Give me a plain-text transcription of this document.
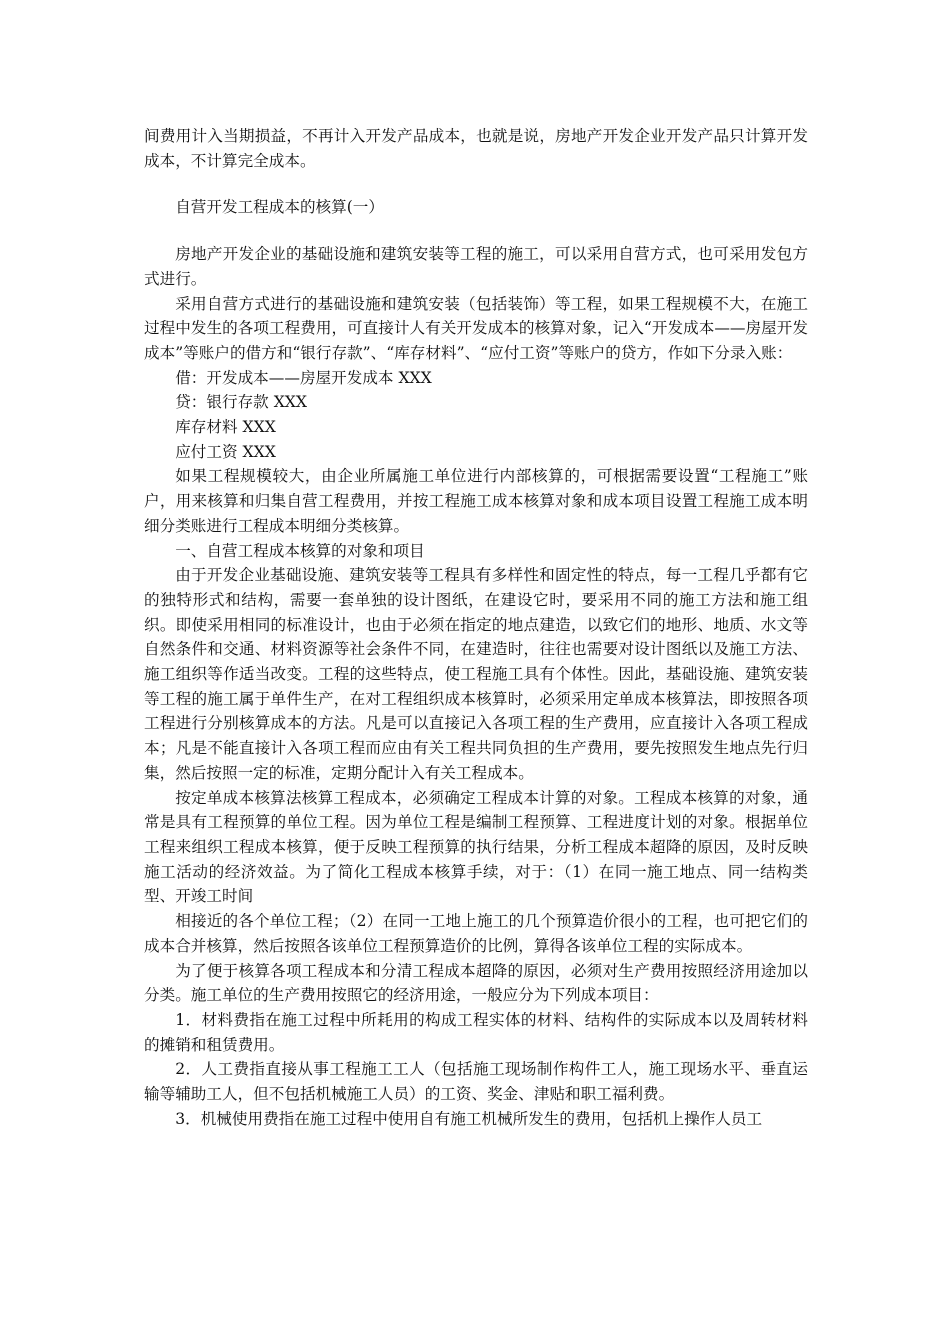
间费用计入当期损益，不再计入开发产品成本，也就是说，房地产开发企业开发产品只计算开发成本，不计算完全成本。

自营开发工程成本的核算(一）

房地产开发企业的基础设施和建筑安装等工程的施工，可以采用自营方式，也可采用发包方式进行。

采用自营方式进行的基础设施和建筑安装（包括装饰）等工程，如果工程规模不大，在施工过程中发生的各项工程费用，可直接计人有关开发成本的核算对象，记入“开发成本——房屋开发成本”等账户的借方和“银行存款”、“库存材料”、“应付工资”等账户的贷方，作如下分录入账：

借：开发成本——房屋开发成本 XXX

贷：银行存款 XXX

库存材料 XXX

应付工资 XXX

如果工程规模较大，由企业所属施工单位进行内部核算的，可根据需要设置“工程施工”账户，用来核算和归集自营工程费用，并按工程施工成本核算对象和成本项目设置工程施工成本明细分类账进行工程成本明细分类核算。

一、自营工程成本核算的对象和项目

由于开发企业基础设施、建筑安装等工程具有多样性和固定性的特点，每一工程几乎都有它的独特形式和结构，需要一套单独的设计图纸，在建设它时，要采用不同的施工方法和施工组织。即使采用相同的标准设计，也由于必须在指定的地点建造，以致它们的地形、地质、水文等自然条件和交通、材料资源等社会条件不同，在建造时，往往也需要对设计图纸以及施工方法、施工组织等作适当改变。工程的这些特点，使工程施工具有个体性。因此，基础设施、建筑安装等工程的施工属于单件生产，在对工程组织成本核算时，必须采用定单成本核算法，即按照各项工程进行分别核算成本的方法。凡是可以直接记入各项工程的生产费用，应直接计入各项工程成本；凡是不能直接计入各项工程而应由有关工程共同负担的生产费用，要先按照发生地点先行归集，然后按照一定的标准，定期分配计入有关工程成本。

按定单成本核算法核算工程成本，必须确定工程成本计算的对象。工程成本核算的对象，通常是具有工程预算的单位工程。因为单位工程是编制工程预算、工程进度计划的对象。根据单位工程来组织工程成本核算，便于反映工程预算的执行结果，分析工程成本超降的原因，及时反映施工活动的经济效益。为了简化工程成本核算手续，对于：（1）在同一施工地点、同一结构类型、开竣工时间

相接近的各个单位工程；（2）在同一工地上施工的几个预算造价很小的工程，也可把它们的成本合并核算，然后按照各该单位工程预算造价的比例，算得各该单位工程的实际成本。

为了便于核算各项工程成本和分清工程成本超降的原因，必须对生产费用按照经济用途加以分类。施工单位的生产费用按照它的经济用途，一般应分为下列成本项目：

1．材料费指在施工过程中所耗用的构成工程实体的材料、结构件的实际成本以及周转材料的摊销和租赁费用。

2．人工费指直接从事工程施工工人（包括施工现场制作构件工人，施工现场水平、垂直运输等辅助工人，但不包括机械施工人员）的工资、奖金、津贴和职工福利费。

3．机械使用费指在施工过程中使用自有施工机械所发生的费用，包括机上操作人员工
